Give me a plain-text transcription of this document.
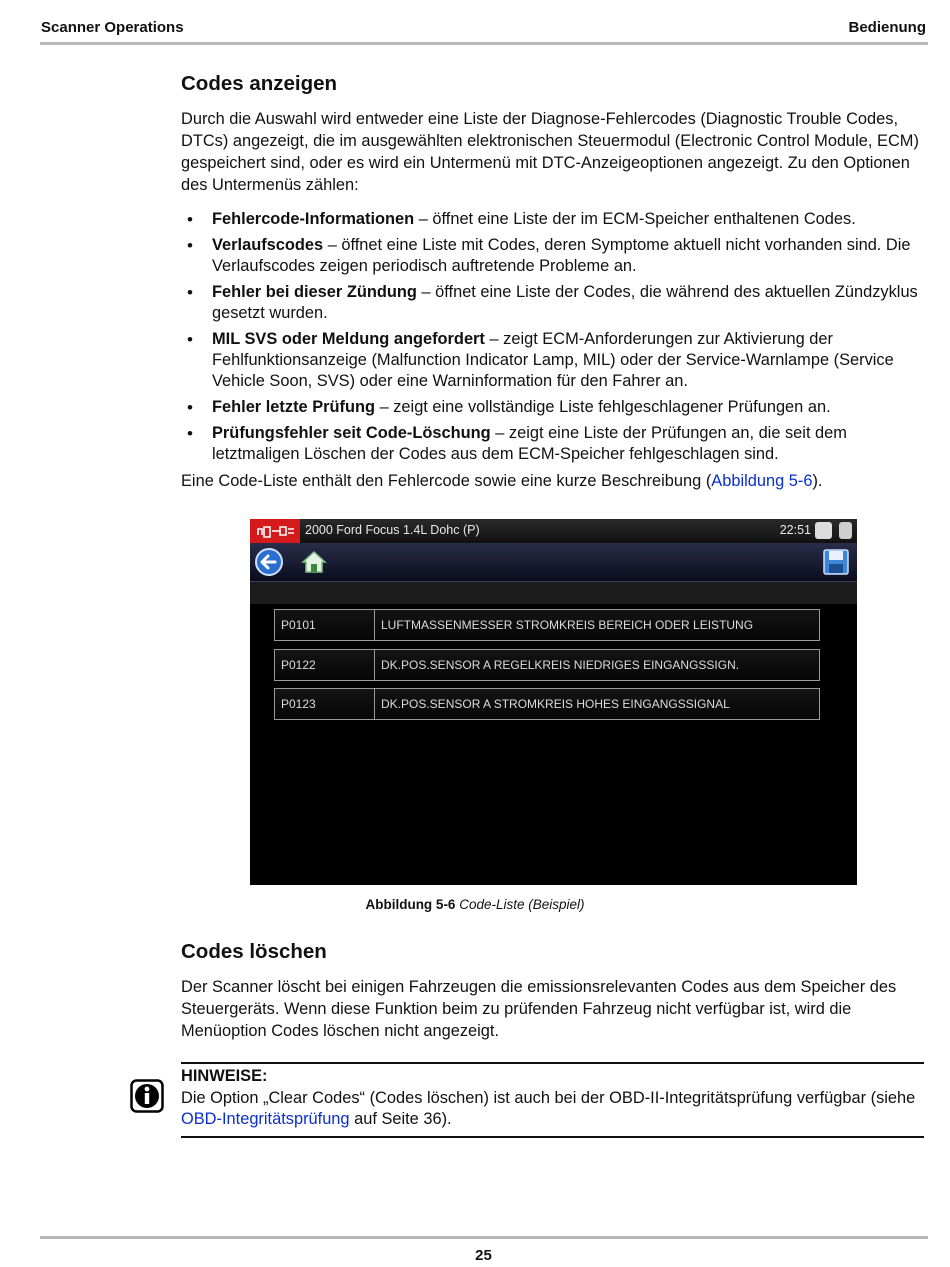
Scanner Operations	Bedienung
Codes anzeigen

Durch die Auswahl wird entweder eine Liste der Diagnose-Fehlercodes (Diagnostic Trouble Codes, DTCs) angezeigt, die im ausgewählten elektronischen Steuermodul (Electronic Control Module, ECM) gespeichert sind, oder es wird ein Untermenü mit DTC-Anzeigeoptionen angezeigt. Zu den Optionen des Untermenüs zählen:

• Fehlercode-Informationen – öffnet eine Liste der im ECM-Speicher enthaltenen Codes.
• Verlaufscodes – öffnet eine Liste mit Codes, deren Symptome aktuell nicht vorhanden sind. Die Verlaufscodes zeigen periodisch auftretende Probleme an.
• Fehler bei dieser Zündung – öffnet eine Liste der Codes, die während des aktuellen Zündzyklus gesetzt wurden.
• MIL SVS oder Meldung angefordert – zeigt ECM-Anforderungen zur Aktivierung der Fehlfunktionsanzeige (Malfunction Indicator Lamp, MIL) oder der Service-Warnlampe (Service Vehicle Soon, SVS) oder eine Warninformation für den Fahrer an.
• Fehler letzte Prüfung – zeigt eine vollständige Liste fehlgeschlagener Prüfungen an.
• Prüfungsfehler seit Code-Löschung – zeigt eine Liste der Prüfungen an, die seit dem letztmaligen Löschen der Codes aus dem ECM-Speicher fehlgeschlagen sind.

Eine Code-Liste enthält den Fehlercode sowie eine kurze Beschreibung (Abbildung 5-6).

2000 Ford Focus 1.4L Dohc (P)	22:51
P0101	LUFTMASSENMESSER STROMKREIS BEREICH ODER LEISTUNG
P0122	DK.POS.SENSOR A REGELKREIS NIEDRIGES EINGANGSSIGN.
P0123	DK.POS.SENSOR A STROMKREIS HOHES EINGANGSSIGNAL
Abbildung 5-6 Code-Liste (Beispiel)
Codes löschen

Der Scanner löscht bei einigen Fahrzeugen die emissionsrelevanten Codes aus dem Speicher des Steuergeräts. Wenn diese Funktion beim zu prüfenden Fahrzeug nicht verfügbar ist, wird die Menüoption Codes löschen nicht angezeigt.

HINWEISE:
Die Option „Clear Codes“ (Codes löschen) ist auch bei der OBD-II-Integritätsprüfung verfügbar (siehe OBD-Integritätsprüfung auf Seite 36).
25
